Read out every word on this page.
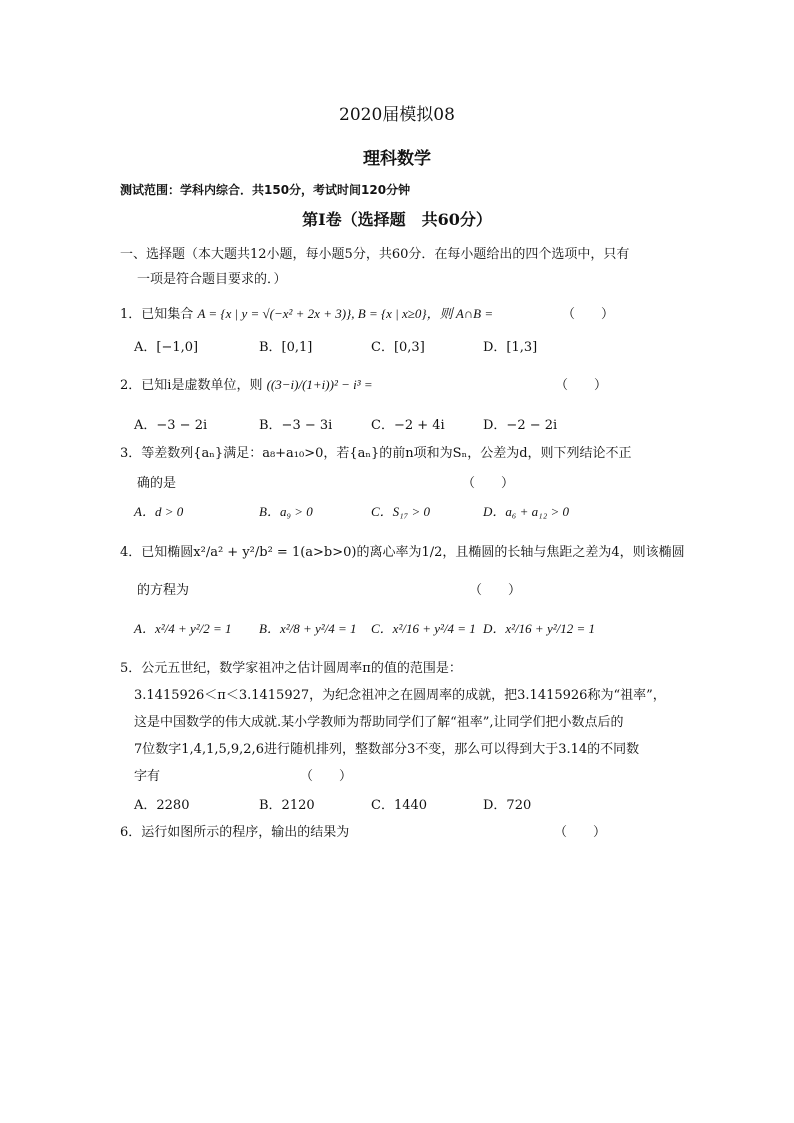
2020届模拟08
理科数学
测试范围：学科内综合．共150分，考试时间120分钟
第Ⅰ卷（选择题　共60分）
一、选择题（本大题共12小题，每小题5分，共60分．在每小题给出的四个选项中，只有
一项是符合题目要求的．）
1．已知集合 A = {x | y = √(−x² + 2x + 3)}, B = {x | x≥0}，则 A∩B =	（　　）
A．[−1,0]	B．[0,1]	C．[0,3]	D．[1,3]
2．已知i是虚数单位，则 ((3−i)/(1+i))² − i³ =	（　　）
A．−3 − 2i	B．−3 − 3i	C．−2 + 4i	D．−2 − 2i
3．等差数列{aₙ}满足：a₈+a₁₀>0，若{aₙ}的前n项和为Sₙ，公差为d，则下列结论不正
确的是	（　　）
A．d > 0	B．a₉ > 0	C．S₁₇ > 0	D．a₆ + a₁₂ > 0
4．已知椭圆x²/a² + y²/b² = 1(a>b>0)的离心率为1/2，且椭圆的长轴与焦距之差为4，则该椭圆
的方程为	（　　）
A．x²/4 + y²/2 = 1 B．x²/8 + y²/4 = 1 C．x²/16 + y²/4 = 1 D．x²/16 + y²/12 = 1
5．公元五世纪，数学家祖冲之估计圆周率π的值的范围是：
3.1415926＜π＜3.1415927，为纪念祖冲之在圆周率的成就，把3.1415926称为“祖率”，
这是中国数学的伟大成就.某小学教师为帮助同学们了解“祖率”,让同学们把小数点后的
7位数字1,4,1,5,9,2,6进行随机排列，整数部分3不变，那么可以得到大于3.14的不同数
字有	（　　）
A．2280	B．2120	C．1440	D．720
6．运行如图所示的程序，输出的结果为	（　　）
